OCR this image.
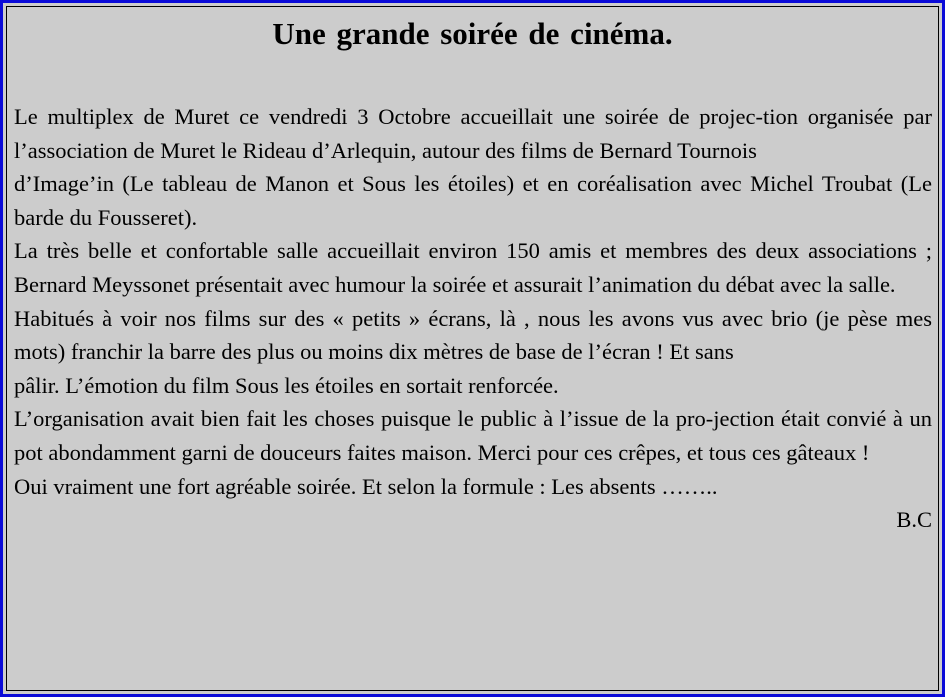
Une grande soirée de cinéma.

Le multiplex de Muret ce vendredi 3 Octobre accueillait une soirée de projec-tion organisée par l’association de Muret le Rideau d’Arlequin, autour des films de Bernard Tournois

d’Image’in (Le tableau de Manon et Sous les étoiles) et en coréalisation avec Michel Troubat (Le barde du Fousseret).

La très belle et confortable salle accueillait environ 150 amis et membres des deux associations ; Bernard Meyssonet présentait avec humour la soirée et assurait l’animation du débat avec la salle.

Habitués à voir nos films sur des « petits » écrans, là , nous les avons vus avec brio (je pèse mes mots) franchir la barre des plus ou moins dix mètres de base de l’écran ! Et sans

pâlir. L’émotion du film Sous les étoiles en sortait renforcée.

L’organisation avait bien fait les choses puisque le public à l’issue de la pro-jection était convié à un pot abondamment garni de douceurs faites maison. Merci pour ces crêpes, et tous ces gâteaux !

Oui vraiment une fort agréable soirée. Et selon la formule : Les absents ……..

B.C
